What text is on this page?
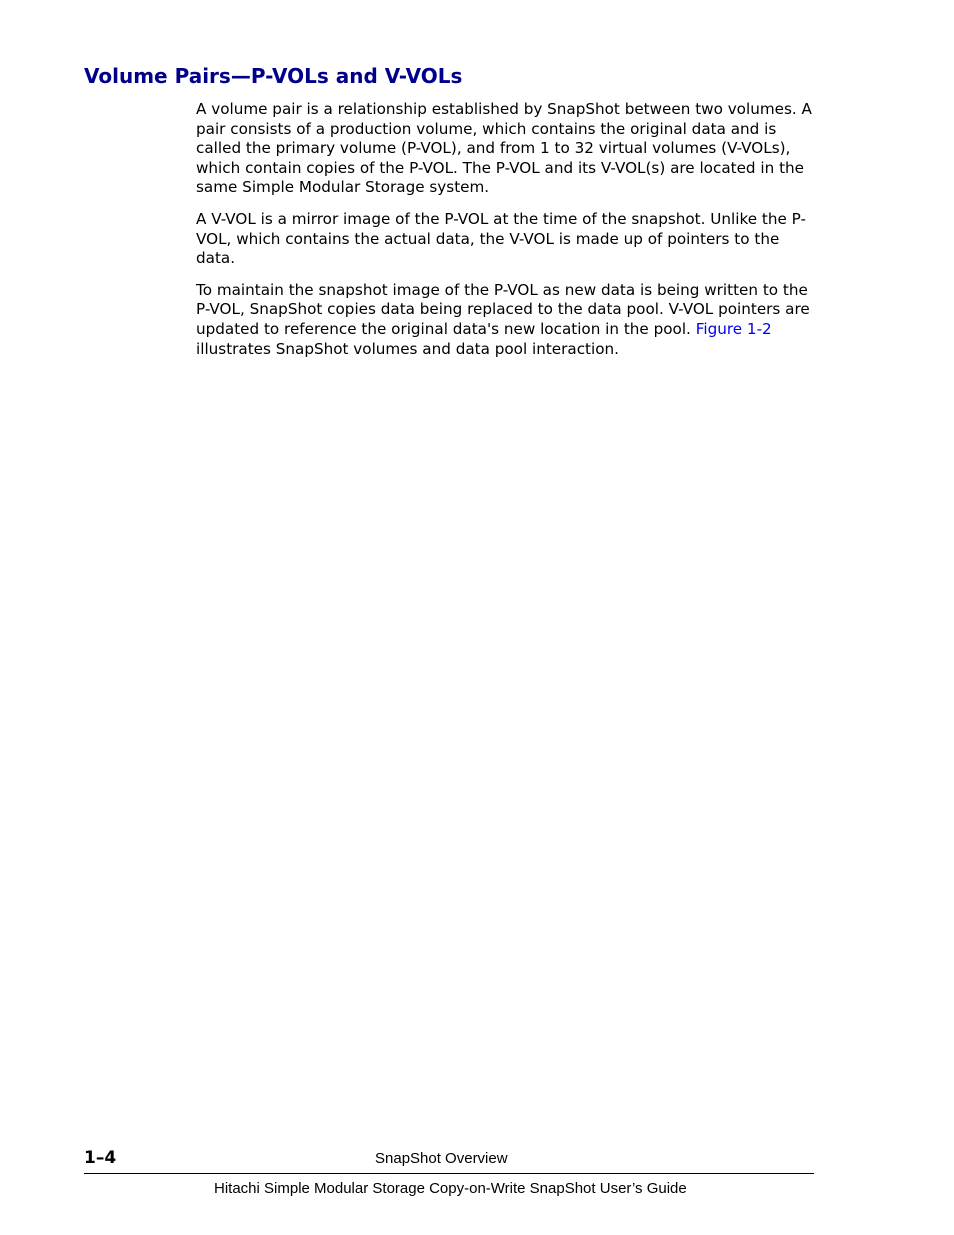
Volume Pairs—P-VOLs and V-VOLs

A volume pair is a relationship established by SnapShot between two volumes. A pair consists of a production volume, which contains the original data and is called the primary volume (P-VOL), and from 1 to 32 virtual volumes (V-VOLs), which contain copies of the P-VOL. The P-VOL and its V-VOL(s) are located in the same Simple Modular Storage system.

A V-VOL is a mirror image of the P-VOL at the time of the snapshot. Unlike the P-VOL, which contains the actual data, the V-VOL is made up of pointers to the data.

To maintain the snapshot image of the P-VOL as new data is being written to the P-VOL, SnapShot copies data being replaced to the data pool. V-VOL pointers are updated to reference the original data's new location in the pool. Figure 1-2 illustrates SnapShot volumes and data pool interaction.

1–4	SnapShot Overview
Hitachi Simple Modular Storage Copy-on-Write SnapShot User’s Guide
